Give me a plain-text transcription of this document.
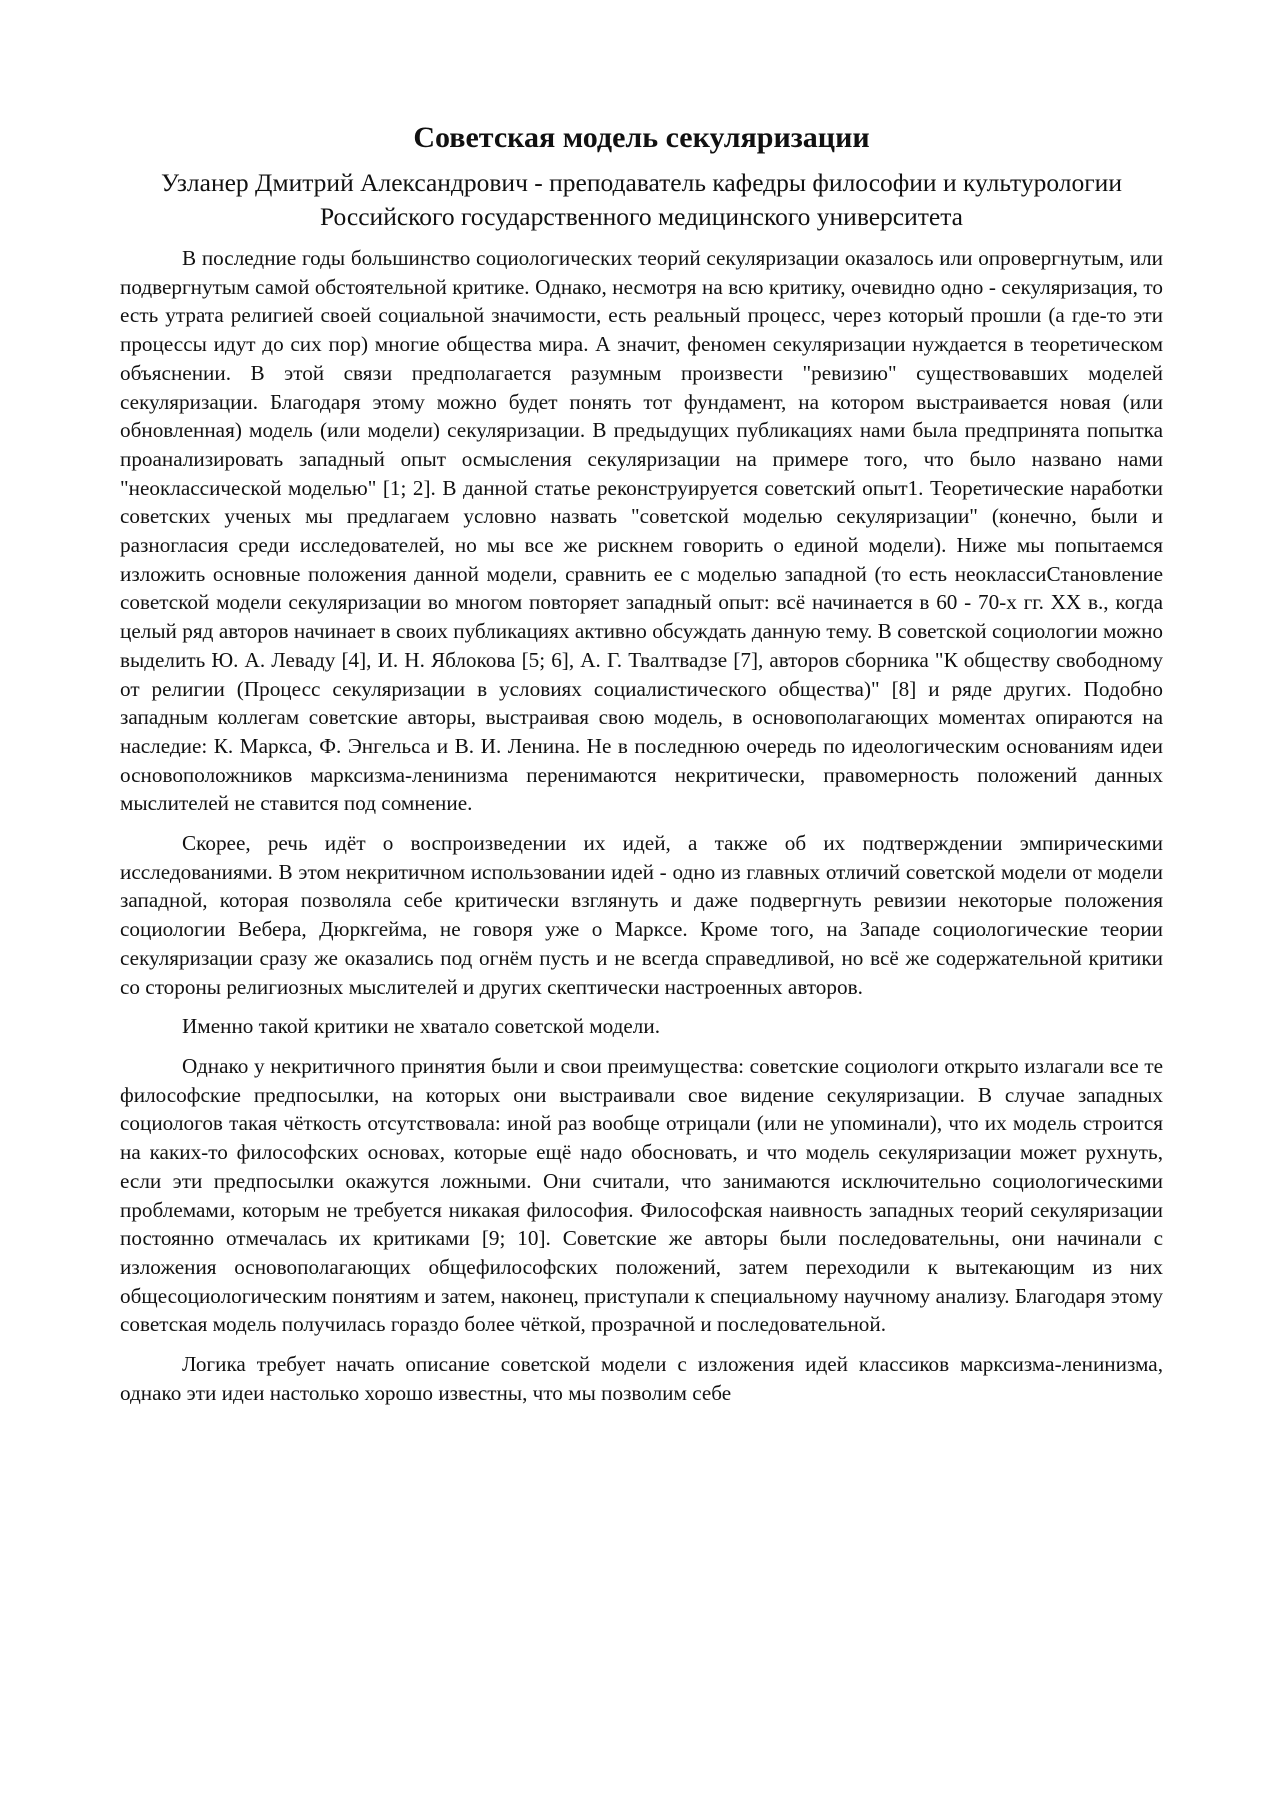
Советская модель секуляризации
Узланер Дмитрий Александрович - преподаватель кафедры философии и культурологии Российского государственного медицинского университета

В последние годы большинство социологических теорий секуляризации оказалось или опровергнутым, или подвергнутым самой обстоятельной критике. Однако, несмотря на всю критику, очевидно одно - секуляризация, то есть утрата религией своей социальной значимости, есть реальный процесс, через который прошли (а где-то эти процессы идут до сих пор) многие общества мира. А значит, феномен секуляризации нуждается в теоретическом объяснении. В этой связи предполагается разумным произвести "ревизию" существовавших моделей секуляризации. Благодаря этому можно будет понять тот фундамент, на котором выстраивается новая (или обновленная) модель (или модели) секуляризации. В предыдущих публикациях нами была предпринята попытка проанализировать западный опыт осмысления секуляризации на примере того, что было названо нами "неоклассической моделью" [1; 2]. В данной статье реконструируется советский опыт1. Теоретические наработки советских ученых мы предлагаем условно назвать "советской моделью секуляризации" (конечно, были и разногласия среди исследователей, но мы все же рискнем говорить о единой модели). Ниже мы попытаемся изложить основные положения данной модели, сравнить ее с моделью западной (то есть неоклассиСтановление советской модели секуляризации во многом повторяет западный опыт: всё начинается в 60 - 70-х гг. XX в., когда целый ряд авторов начинает в своих публикациях активно обсуждать данную тему. В советской социологии можно выделить Ю. А. Леваду [4], И. Н. Яблокова [5; 6], А. Г. Твалтвадзе [7], авторов сборника "К обществу свободному от религии (Процесс секуляризации в условиях социалистического общества)" [8] и ряде других. Подобно западным коллегам советские авторы, выстраивая свою модель, в основополагающих моментах опираются на наследие: К. Маркса, Ф. Энгельса и В. И. Ленина. Не в последнюю очередь по идеологическим основаниям идеи основоположников марксизма-ленинизма перенимаются некритически, правомерность положений данных мыслителей не ставится под сомнение.

Скорее, речь идёт о воспроизведении их идей, а также об их подтверждении эмпирическими исследованиями. В этом некритичном использовании идей - одно из главных отличий советской модели от модели западной, которая позволяла себе критически взглянуть и даже подвергнуть ревизии некоторые положения социологии Вебера, Дюркгейма, не говоря уже о Марксе. Кроме того, на Западе социологические теории секуляризации сразу же оказались под огнём пусть и не всегда справедливой, но всё же содержательной критики со стороны религиозных мыслителей и других скептически настроенных авторов.

Именно такой критики не хватало советской модели.

Однако у некритичного принятия были и свои преимущества: советские социологи открыто излагали все те философские предпосылки, на которых они выстраивали свое видение секуляризации. В случае западных социологов такая чёткость отсутствовала: иной раз вообще отрицали (или не упоминали), что их модель строится на каких-то философских основах, которые ещё надо обосновать, и что модель секуляризации может рухнуть, если эти предпосылки окажутся ложными. Они считали, что занимаются исключительно социологическими проблемами, которым не требуется никакая философия. Философская наивность западных теорий секуляризации постоянно отмечалась их критиками [9; 10]. Советские же авторы были последовательны, они начинали с изложения основополагающих общефилософских положений, затем переходили к вытекающим из них общесоциологическим понятиям и затем, наконец, приступали к специальному научному анализу. Благодаря этому советская модель получилась гораздо более чёткой, прозрачной и последовательной.

Логика требует начать описание советской модели с изложения идей классиков марксизма-ленинизма, однако эти идеи настолько хорошо известны, что мы позволим себе
